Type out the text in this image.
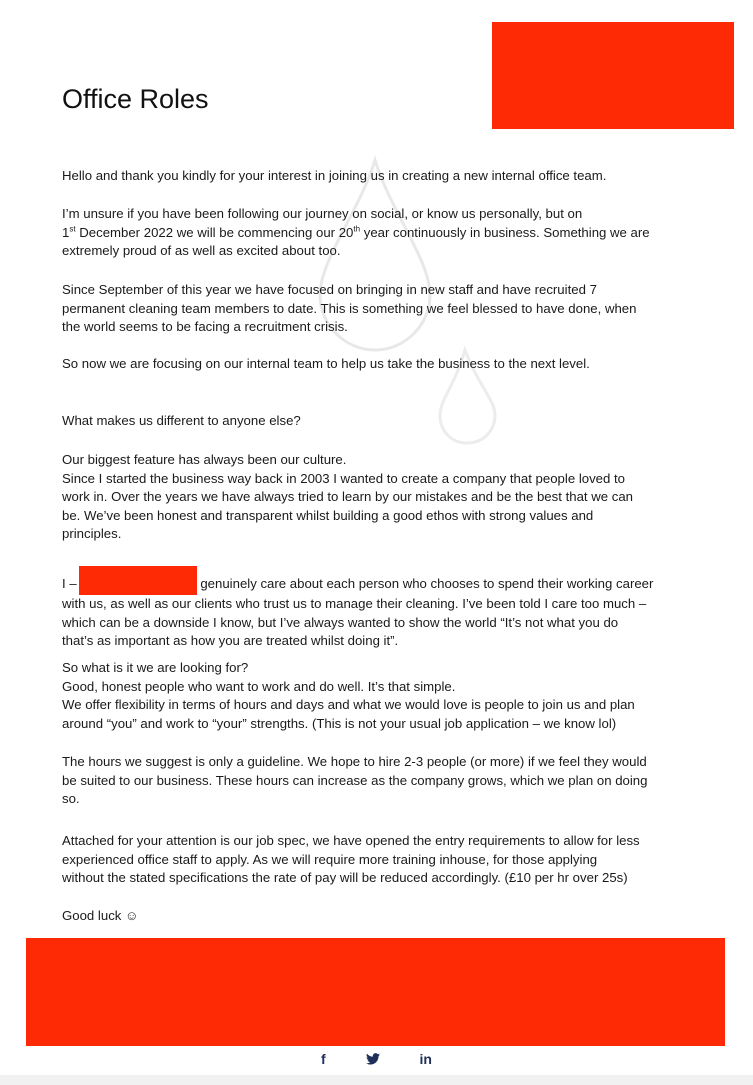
Office Roles

Hello and thank you kindly for your interest in joining us in creating a new internal office team.

I’m unsure if you have been following our journey on social, or know us personally, but on

1st December 2022 we will be commencing our 20th year continuously in business. Something we are

extremely proud of as well as excited about too.

Since September of this year we have focused on bringing in new staff and have recruited 7

permanent cleaning team members to date. This is something we feel blessed to have done, when

the world seems to be facing a recruitment crisis.

So now we are focusing on our internal team to help us take the business to the next level.

What makes us different to anyone else?

Our biggest feature has always been our culture.

Since I started the business way back in 2003 I wanted to create a company that people loved to

work in. Over the years we have always tried to learn by our mistakes and be the best that we can

be. We’ve been honest and transparent whilst building a good ethos with strong values and

principles.

I –	genuinely care about each person who chooses to spend their working career

with us, as well as our clients who trust us to manage their cleaning. I’ve been told I care too much –

which can be a downside I know, but I’ve always wanted to show the world “It’s not what you do

that’s as important as how you are treated whilst doing it”.

So what is it we are looking for?

Good, honest people who want to work and do well. It’s that simple.

We offer flexibility in terms of hours and days and what we would love is people to join us and plan

around “you” and work to “your” strengths. (This is not your usual job application – we know lol)

The hours we suggest is only a guideline. We hope to hire 2-3 people (or more) if we feel they would

be suited to our business. These hours can increase as the company grows, which we plan on doing

so.

Attached for your attention is our job spec, we have opened the entry requirements to allow for less

experienced office staff to apply. As we will require more training inhouse, for those applying

without the stated specifications the rate of pay will be reduced accordingly. (£10 per hr over 25s)

Good luck ☺

f	in
